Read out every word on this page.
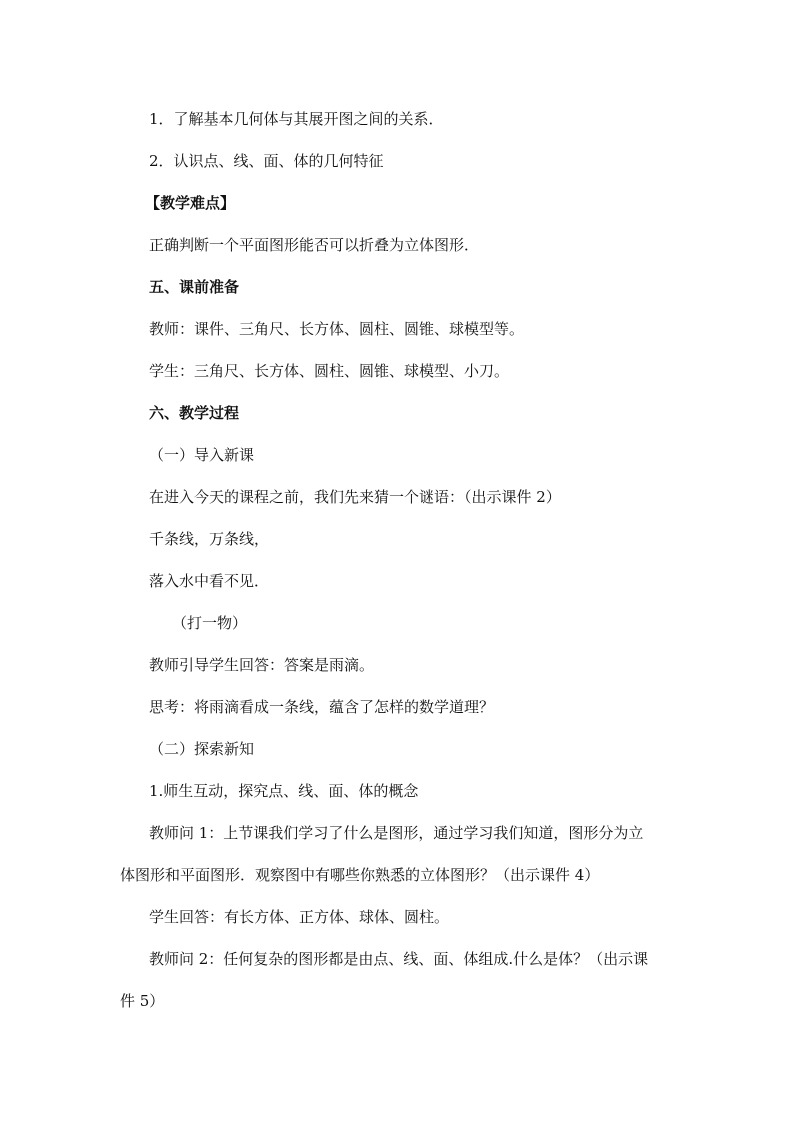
1．了解基本几何体与其展开图之间的关系．
2．认识点、线、面、体的几何特征
【教学难点】
正确判断一个平面图形能否可以折叠为立体图形．
五、课前准备
教师：课件、三角尺、长方体、圆柱、圆锥、球模型等。
学生：三角尺、长方体、圆柱、圆锥、球模型、小刀。
六、教学过程
（一）导入新课
在进入今天的课程之前，我们先来猜一个谜语：（出示课件 2）
千条线，万条线，
落入水中看不见．
（打一物）
教师引导学生回答：答案是雨滴。
思考：将雨滴看成一条线，蕴含了怎样的数学道理？
（二）探索新知
1.师生互动，探究点、线、面、体的概念
教师问 1：上节课我们学习了什么是图形，通过学习我们知道，图形分为立
体图形和平面图形．观察图中有哪些你熟悉的立体图形？（出示课件 4）
学生回答：有长方体、正方体、球体、圆柱。
教师问 2：任何复杂的图形都是由点、线、面、体组成.什么是体？（出示课
件 5）
